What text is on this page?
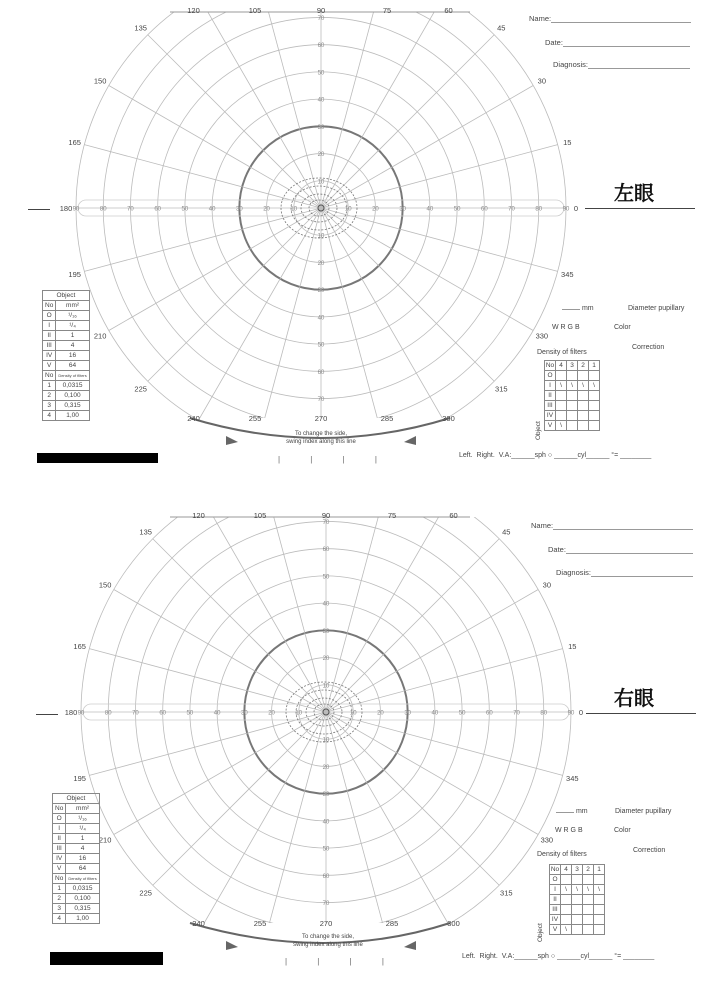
90	75	60
45
30
15
0
345
330
315
300
285
270
255
240
225
210
195
180
165
150
135
120	105
10
10
10
10
20
20
20
20
30
30
30
30
40
40
40
40
50
50
50
50
60
60
60
60
70
70
70
70
80
80	90
90
Name:
Date:
Diagnosis:
左眼
mm	Diameter pupillary
W R G B	Color
Correction
Object	
No	mm²
O	¹/₁₆
I	¹/₄
II	1
III	4
IV	16
V	64
No	Density of filters
1	0,0315
2	0,100
3	0,315
4	1,00
Density of filters
No	4	3	2	1
O				
I	\	\	\	\
II				
III				
IV				
V	\			
Object
To change the side,
swing index along this line
| | | |	Left. Right. V.A:______sph ○ ______cyl______ °= ________
90	75	60
45
30
15
0
345
330
315
300
285
270
255
240
225
210
195
180
165
150
135
120	105
10
10
10
10
20
20
20
20
30
30
30
30
40
40
40
40
50
50
50
50
60
60
60
60
70
70
70
70
80
80	90
90
Name:
Date:
Diagnosis:
右眼
mm	Diameter pupillary
W R G B	Color
Correction
Object	
No	mm²
O	¹/₁₆
I	¹/₄
II	1
III	4
IV	16
V	64
No	Density of filters
1	0,0315
2	0,100
3	0,315
4	1,00
Density of filters
No	4	3	2	1
O				
I	\	\	\	\
II				
III				
IV				
V	\			
Object
To change the side,
swing index along this line
| | | |
Left. Right. V.A:______sph ○ ______cyl______ °= ________
